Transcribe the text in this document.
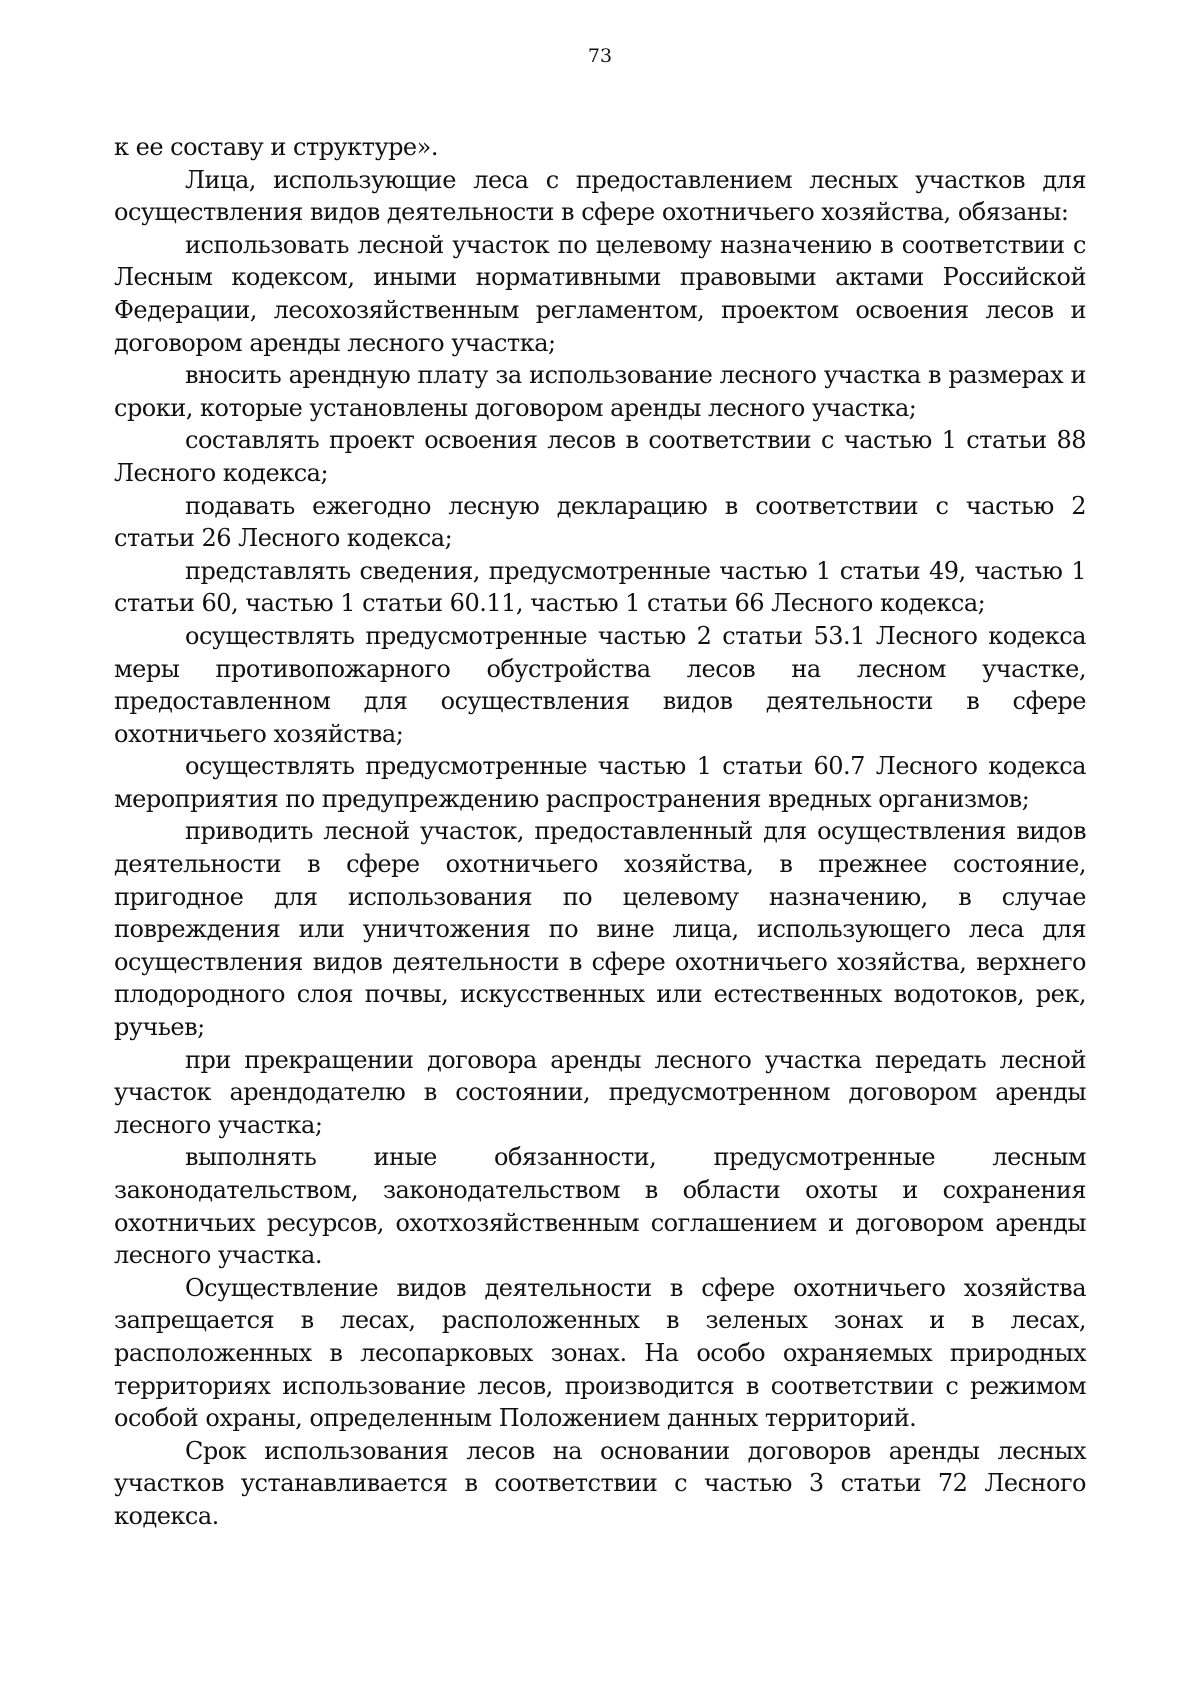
73

к ее составу и структуре».

Лица, использующие леса с предоставлением лесных участков для осуществления видов деятельности в сфере охотничьего хозяйства, обязаны:

использовать лесной участок по целевому назначению в соответствии с Лесным кодексом, иными нормативными правовыми актами Российской Федерации, лесохозяйственным регламентом, проектом освоения лесов и договором аренды лесного участка;

вносить арендную плату за использование лесного участка в размерах и сроки, которые установлены договором аренды лесного участка;

составлять проект освоения лесов в соответствии с частью 1 статьи 88 Лесного кодекса;

подавать ежегодно лесную декларацию в соответствии с частью 2 статьи 26 Лесного кодекса;

представлять сведения, предусмотренные частью 1 статьи 49, частью 1 статьи 60, частью 1 статьи 60.11, частью 1 статьи 66 Лесного кодекса;

осуществлять предусмотренные частью 2 статьи 53.1 Лесного кодекса меры противопожарного обустройства лесов на лесном участке, предоставленном для осуществления видов деятельности в сфере охотничьего хозяйства;

осуществлять предусмотренные частью 1 статьи 60.7 Лесного кодекса мероприятия по предупреждению распространения вредных организмов;

приводить лесной участок, предоставленный для осуществления видов деятельности в сфере охотничьего хозяйства, в прежнее состояние, пригодное для использования по целевому назначению, в случае повреждения или уничтожения по вине лица, использующего леса для осуществления видов деятельности в сфере охотничьего хозяйства, верхнего плодородного слоя почвы, искусственных или естественных водотоков, рек, ручьев;

при прекращении договора аренды лесного участка передать лесной участок арендодателю в состоянии, предусмотренном договором аренды лесного участка;

выполнять иные обязанности, предусмотренные лесным законодательством, законодательством в области охоты и сохранения охотничьих ресурсов, охотхозяйственным соглашением и договором аренды лесного участка.

Осуществление видов деятельности в сфере охотничьего хозяйства запрещается в лесах, расположенных в зеленых зонах и в лесах, расположенных в лесопарковых зонах. На особо охраняемых природных территориях использование лесов, производится в соответствии с режимом особой охраны, определенным Положением данных территорий.

Срок использования лесов на основании договоров аренды лесных участков устанавливается в соответствии с частью 3 статьи 72 Лесного кодекса.
